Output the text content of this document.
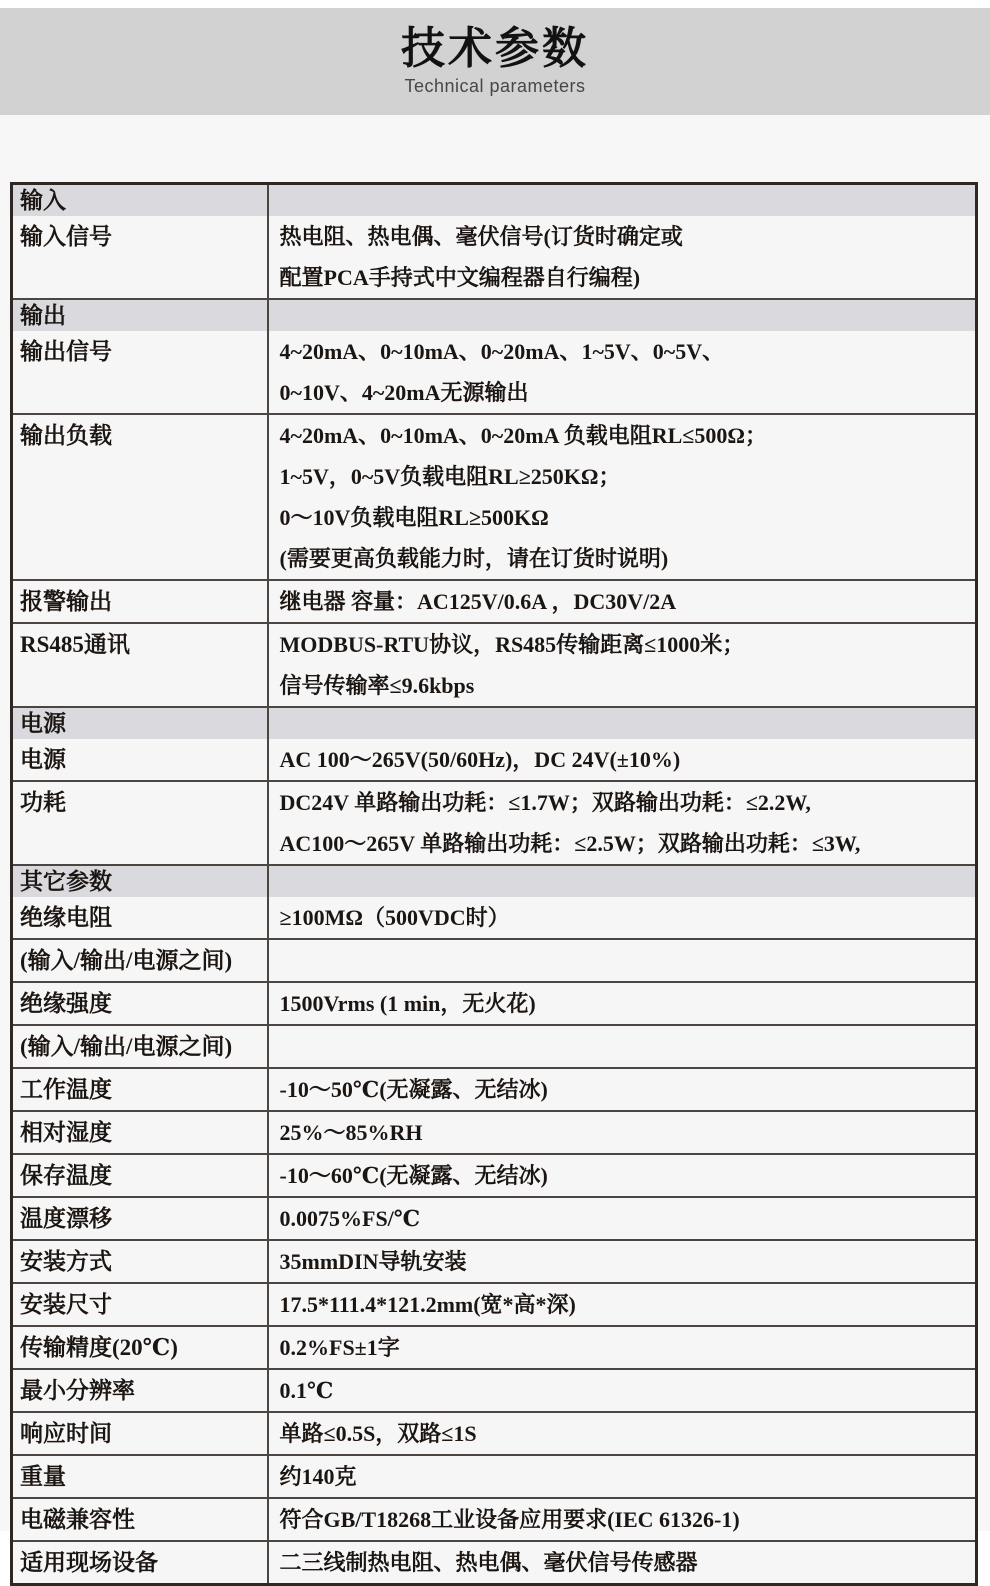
技术参数
Technical parameters
输入	
输入信号	热电阻、热电偶、毫伏信号(订货时确定或
配置PCA手持式中文编程器自行编程)

输出	
输出信号	4~20mA、0~10mA、0~20mA、1~5V、0~5V、
0~10V、4~20mA无源输出

输出负载	4~20mA、0~10mA、0~20mA 负载电阻RL≤500Ω；
1~5V，0~5V负载电阻RL≥250KΩ；
0～10V负载电阻RL≥500KΩ
(需要更高负载能力时，请在订货时说明)

报警输出	继电器 容量：AC125V/0.6A ，DC30V/2A

RS485通讯	MODBUS-RTU协议，RS485传输距离≤1000米；
信号传输率≤9.6kbps

电源	
电源	AC 100～265V(50/60Hz)，DC 24V(±10%)

功耗	DC24V 单路输出功耗：≤1.7W；双路输出功耗：≤2.2W,
AC100～265V 单路输出功耗：≤2.5W；双路输出功耗：≤3W,

其它参数	
绝缘电阻	≥100MΩ（500VDC时）

(输入/输出/电源之间)	
绝缘强度	1500Vrms (1 min，无火花)

(输入/输出/电源之间)	
工作温度	-10～50℃(无凝露、无结冰)

相对湿度	25%～85%RH

保存温度	-10～60℃(无凝露、无结冰)

温度漂移	0.0075%FS/℃

安装方式	35mmDIN导轨安装

安装尺寸	17.5*111.4*121.2mm(宽*高*深)

传输精度(20℃)	0.2%FS±1字

最小分辨率	0.1℃

响应时间	单路≤0.5S，双路≤1S

重量	约140克

电磁兼容性	符合GB/T18268工业设备应用要求(IEC 61326-1)

适用现场设备	二三线制热电阻、热电偶、毫伏信号传感器
